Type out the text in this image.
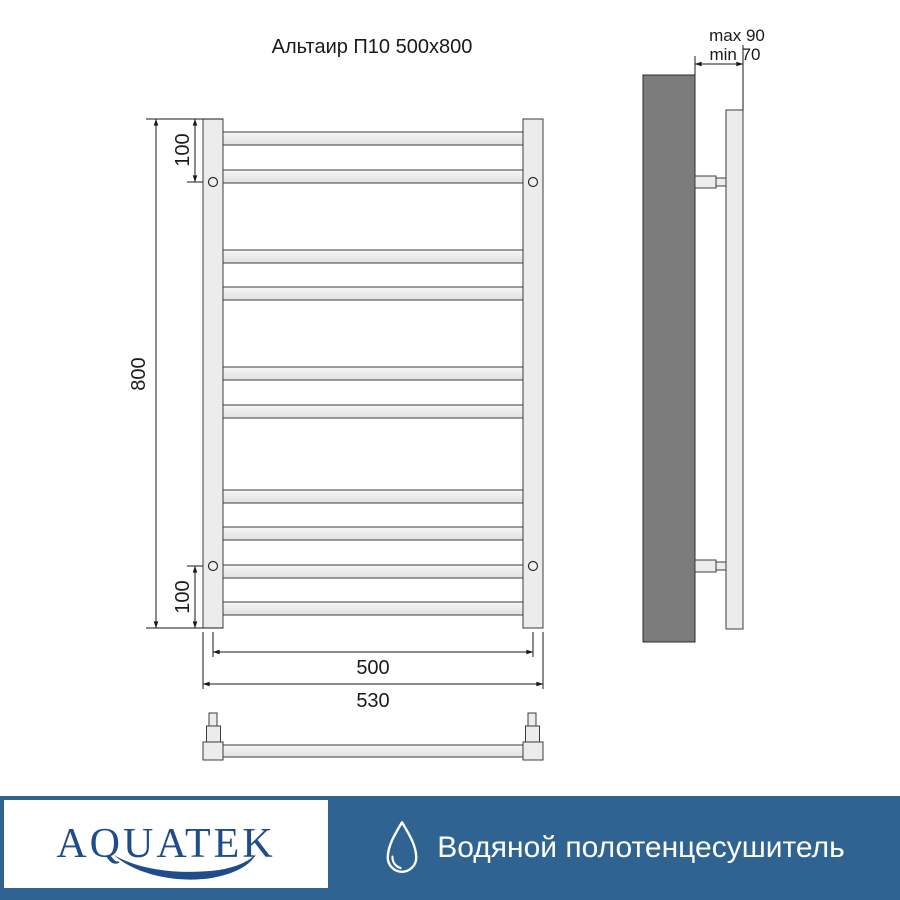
Альтаир П10 500x800
800
100
100
500
530
max 90
min 70
AQUATEK	Водяной полотенцесушитель
